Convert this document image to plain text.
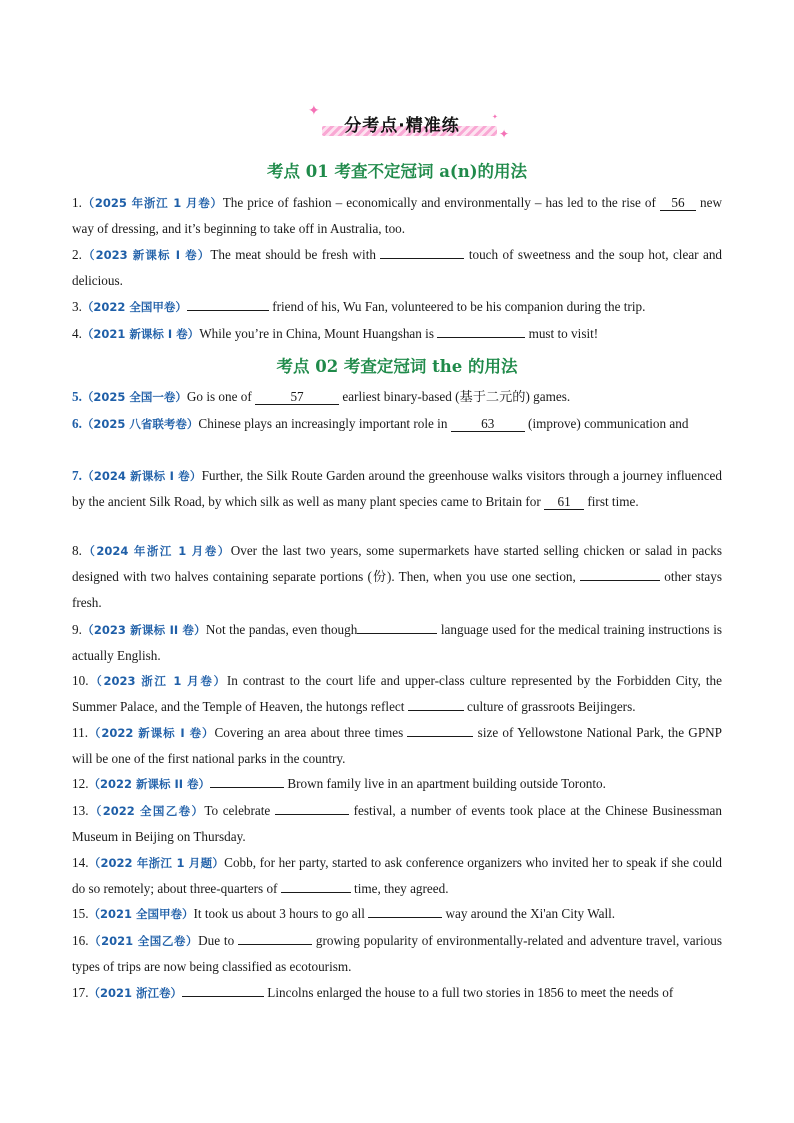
✦
分考点·精准练	✦
✦
考点 01 考查不定冠词 a(n)的用法
1.（2025 年浙江 1 月卷）The price of fashion – economically and environmentally – has led to the rise of 56 new way of dressing, and it’s beginning to take off in Australia, too.
2.（2023 新课标 I 卷）The meat should be fresh with	touch of sweetness and the soup hot, clear and delicious.
3.（2022 全国甲卷）	friend of his, Wu Fan, volunteered to be his companion during the trip.
4.（2021 新课标 I 卷）While you’re in China, Mount Huangshan is	must to visit!
考点 02 考查定冠词 the 的用法
5.（2025 全国一卷）Go is one of	57	earliest binary-based (基于二元的) games.
6.（2025 八省联考卷）Chinese plays an increasingly important role in 63 (improve) communication and
7.（2024 新课标 I 卷）Further, the Silk Route Garden around the greenhouse walks visitors through a journey influenced by the ancient Silk Road, by which silk as well as many plant species came to Britain for 61 first time.
8.（2024 年浙江 1 月卷）Over the last two years, some supermarkets have started selling chicken or salad in packs designed with two halves containing separate portions (份). Then, when you use one section,	other stays fresh.
9.（2023 新课标 II 卷）Not the pandas, even though	language used for the medical training instructions is actually English.
10.（2023 浙江 1 月卷）In contrast to the court life and upper-class culture represented by the Forbidden City, the Summer Palace, and the Temple of Heaven, the hutongs reflect	culture of grassroots Beijingers.
11.（2022 新课标 I 卷）Covering an area about three times	size of Yellowstone National Park, the GPNP will be one of the first national parks in the country.
12.（2022 新课标 II 卷）	Brown family live in an apartment building outside Toronto.
13.（2022 全国乙卷）To celebrate	festival, a number of events took place at the Chinese Businessman Museum in Beijing on Thursday.
14.（2022 年浙江 1 月题）Cobb, for her party, started to ask conference organizers who invited her to speak if she could do so remotely; about three-quarters of	time, they agreed.
15.（2021 全国甲卷）It took us about 3 hours to go all	way around the Xi'an City Wall.
16.（2021 全国乙卷）Due to	growing popularity of environmentally-related and adventure travel, various types of trips are now being classified as ecotourism.
17.（2021 浙江卷）	Lincolns enlarged the house to a full two stories in 1856 to meet the needs of
